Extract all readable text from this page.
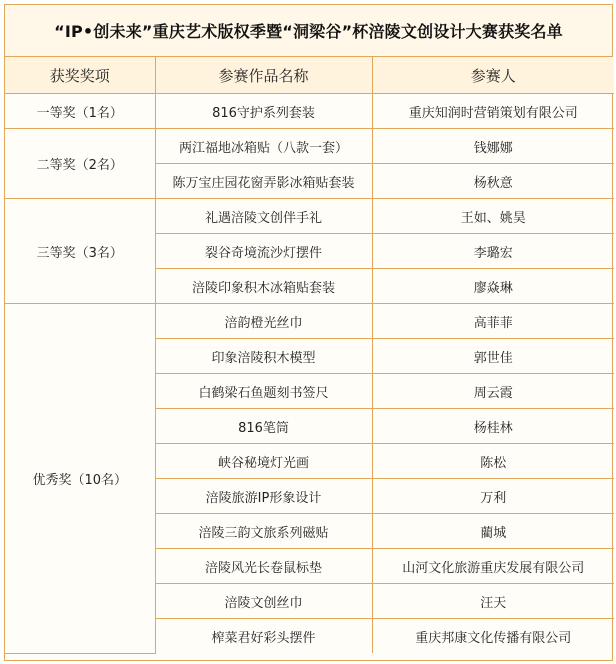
“IP•创未来”重庆艺术版权季暨“洞梁谷”杯涪陵文创设计大赛获奖名单
获奖奖项	参赛作品名称	参赛人
一等奖（1名）	816守护系列套装	重庆知润时营销策划有限公司
二等奖（2名）	两江福地冰箱贴（八款一套）	钱娜娜
	陈万宝庄园花窗弄影冰箱贴套装	杨秋意
三等奖（3名）	礼遇涪陵文创伴手礼	王如、姚昊
	裂谷奇境流沙灯摆件	李璐宏
	涪陵印象积木冰箱贴套装	廖焱琳
优秀奖（10名）	涪韵橙光丝巾	高菲菲
	印象涪陵积木模型	郭世佳
	白鹤梁石鱼题刻书签尺	周云霞
	816笔筒	杨桂林
	峡谷秘境灯光画	陈松
	涪陵旅游IP形象设计	万利
	涪陵三韵文旅系列磁贴	藺城
	涪陵风光长卷鼠标垫	山河文化旅游重庆发展有限公司
	涪陵文创丝巾	汪天
	榨菜君好彩头摆件	重庆邦康文化传播有限公司
